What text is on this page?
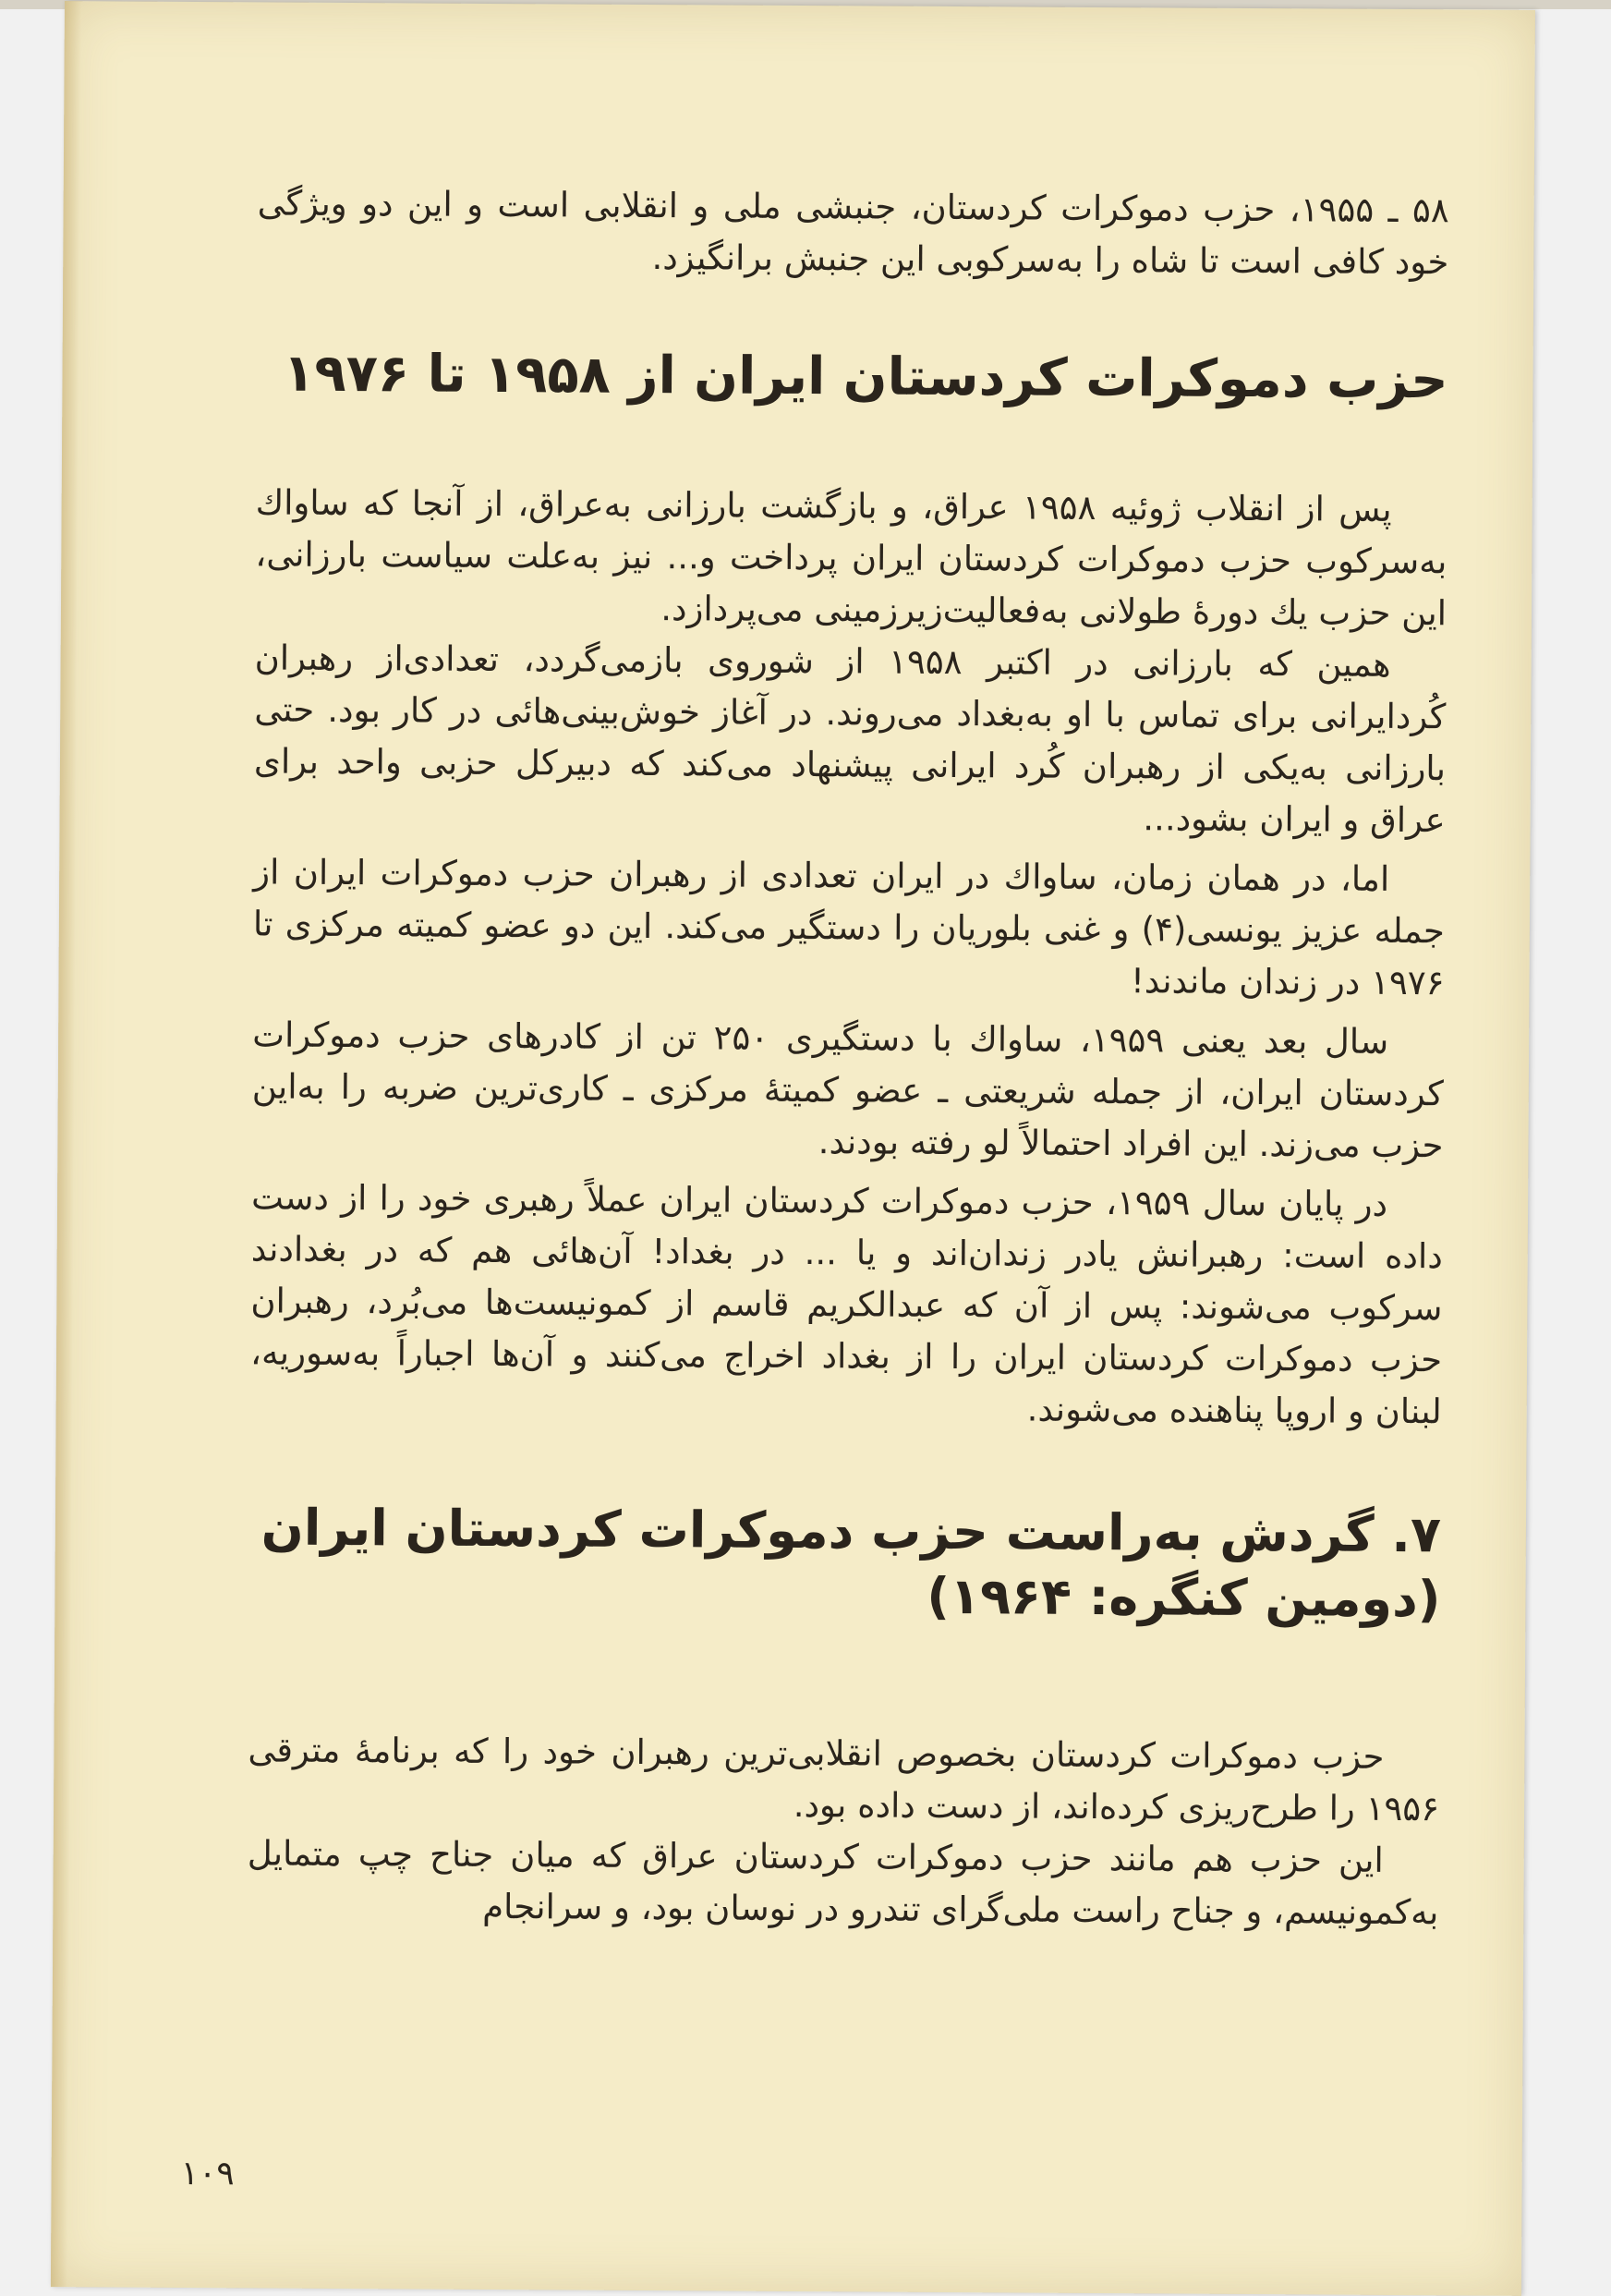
۵۸ ـ ۱۹۵۵، حزب دموکرات کردستان، جنبشی ملی و انقلابی است و این دو ویژگی خود کافی است تا شاه را به‌سرکوبی این جنبش برانگیزد.

حزب دموکرات کردستان ایران از ۱۹۵۸ تا ۱۹۷۶

پس از انقلاب ژوئیه ۱۹۵۸ عراق، و بازگشت بارزانی به‌عراق، از آنجا که ساواك به‌سرکوب حزب دموکرات کردستان ایران پرداخت و... نیز به‌علت سیاست بارزانی، این حزب یك دورهٔ طولانی به‌فعالیت‌زیرزمینی می‌پردازد.

همین که بارزانی در اکتبر ۱۹۵۸ از شوروی بازمی‌گردد، تعدادی‌از رهبران کُردایرانی برای تماس با او به‌بغداد می‌روند. در آغاز خوش‌بینی‌هائی در کار بود. حتی بارزانی به‌یکی از رهبران کُرد ایرانی پیشنهاد می‌کند که دبیرکل حزبی واحد برای عراق و ایران بشود...

اما، در همان زمان، ساواك در ایران تعدادی از رهبران حزب دموکرات ایران از جمله عزیز یونسی(۴) و غنی بلوریان را دستگیر می‌کند. این دو عضو کمیته مرکزی تا ۱۹۷۶ در زندان ماندند!

سال بعد یعنی ۱۹۵۹، ساواك با دستگیری ۲۵۰ تن از کادرهای حزب دموکرات کردستان ایران، از جمله شریعتی ـ عضو کمیتهٔ مرکزی ـ کاری‌ترین ضربه را به‌این حزب می‌زند. این افراد احتمالاً لو رفته بودند.

در پایان سال ۱۹۵۹، حزب دموکرات کردستان ایران عملاً رهبری خود را از دست داده است: رهبرانش یادر زندان‌اند و یا ... در بغداد! آن‌هائی هم که در بغدادند سرکوب می‌شوند: پس از آن که عبدالکریم قاسم از کمونیست‌ها می‌بُرد، رهبران حزب دموکرات کردستان ایران را از بغداد اخراج می‌کنند و آن‌ها اجباراً به‌سوریه، لبنان و اروپا پناهنده می‌شوند.

۷. گردش به‌راست حزب دموکرات کردستان ایران (دومین کنگره: ۱۹۶۴)

حزب دموکرات کردستان بخصوص انقلابی‌ترین رهبران خود را که برنامهٔ مترقی ۱۹۵۶ را طرح‌ریزی کرده‌اند، از دست داده بود.

این حزب هم مانند حزب دموکرات کردستان عراق که میان جناح چپ متمایل به‌کمونیسم، و جناح راست ملی‌گرای تندرو در نوسان بود، و سرانجام

۱۰۹
